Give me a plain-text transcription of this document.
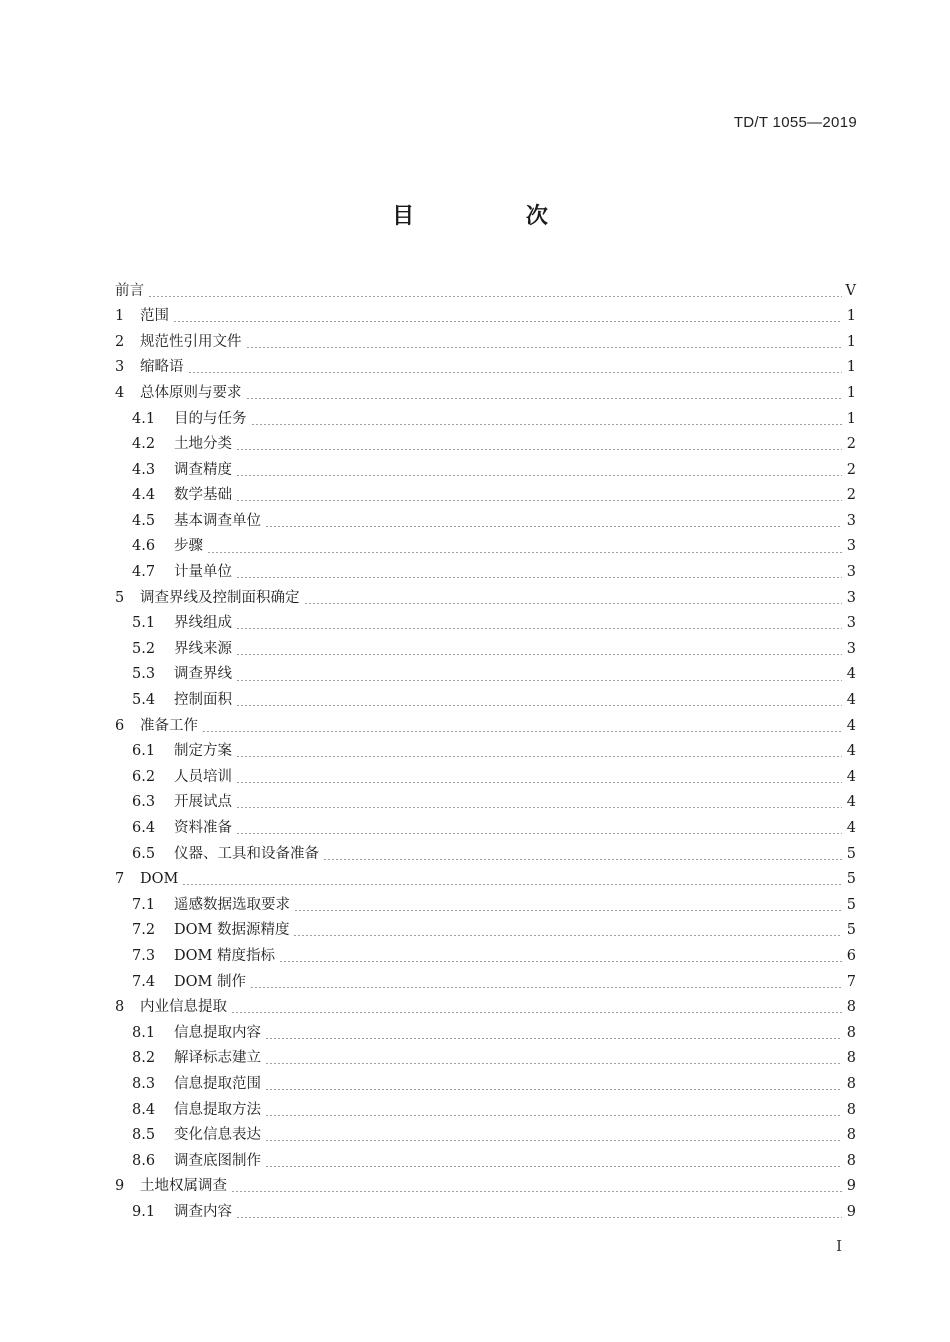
TD/T 1055—2019
目 次
前言	V
1	范围	1
2	规范性引用文件	1
3	缩略语	1
4	总体原则与要求	1
4.1	目的与任务	1
4.2	土地分类	2
4.3	调查精度	2
4.4	数学基础	2
4.5	基本调查单位	3
4.6	步骤	3
4.7	计量单位	3
5	调查界线及控制面积确定	3
5.1	界线组成	3
5.2	界线来源	3
5.3	调查界线	4
5.4	控制面积	4
6	准备工作	4
6.1	制定方案	4
6.2	人员培训	4
6.3	开展试点	4
6.4	资料准备	4
6.5	仪器、工具和设备准备	5
7	DOM	5
7.1	遥感数据选取要求	5
7.2	DOM 数据源精度	5
7.3	DOM 精度指标	6
7.4	DOM 制作	7
8	内业信息提取	8
8.1	信息提取内容	8
8.2	解译标志建立	8
8.3	信息提取范围	8
8.4	信息提取方法	8
8.5	变化信息表达	8
8.6	调查底图制作	8
9	土地权属调查	9
9.1	调查内容	9
I
